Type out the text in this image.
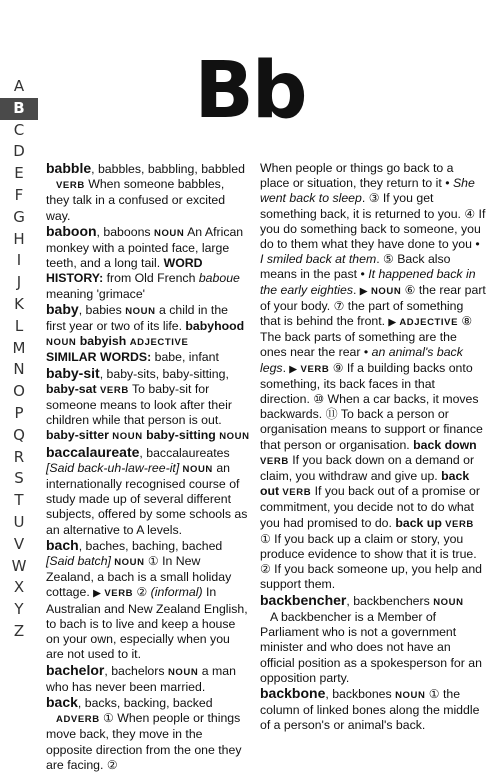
Bb
A
B
C
D
E
F
G
H
I
J
K
L
M
N
O
P
Q
R
S
T
U
V
W
X
Y
Z

babble, babbles, babbling, babbled
VERB When someone babbles, they talk in a confused or excited way.

baboon, baboons NOUN An African monkey with a pointed face, large teeth, and a long tail. WORD HISTORY: from Old French baboue meaning 'grimace'

baby, babies NOUN a child in the first year or two of its life. babyhood NOUN babyish ADJECTIVE
SIMILAR WORDS: babe, infant

baby-sit, baby-sits, baby-sitting, baby-sat VERB To baby-sit for someone means to look after their children while that person is out. baby-sitter NOUN baby-sitting NOUN

baccalaureate, baccalaureates [Said back-uh-law-ree-it] NOUN an internationally recognised course of study made up of several different subjects, offered by some schools as an alternative to A levels.

bach, baches, baching, bached [Said batch] NOUN ① In New Zealand, a bach is a small holiday cottage. ▶ VERB ② (informal) In Australian and New Zealand English, to bach is to live and keep a house on your own, especially when you are not used to it.

bachelor, bachelors NOUN a man who has never been married.

back, backs, backing, backed
ADVERB ① When people or things move back, they move in the opposite direction from the one they are facing. ②

When people or things go back to a place or situation, they return to it • She went back to sleep. ③ If you get something back, it is returned to you. ④ If you do something back to someone, you do to them what they have done to you • I smiled back at them. ⑤ Back also means in the past • It happened back in the early eighties. ▶ NOUN ⑥ the rear part of your body. ⑦ the part of something that is behind the front. ▶ ADJECTIVE ⑧ The back parts of something are the ones near the rear • an animal's back legs. ▶ VERB ⑨ If a building backs onto something, its back faces in that direction. ⑩ When a car backs, it moves backwards. ⑪ To back a person or organisation means to support or finance that person or organisation. back down VERB If you back down on a demand or claim, you withdraw and give up. back out VERB If you back out of a promise or commitment, you decide not to do what you had promised to do. back up VERB ① If you back up a claim or story, you produce evidence to show that it is true. ② If you back someone up, you help and support them.

backbencher, backbenchers NOUN
A backbencher is a Member of Parliament who is not a government minister and who does not have an official position as a spokesperson for an opposition party.

backbone, backbones NOUN ① the column of linked bones along the middle of a person's or animal's back.
